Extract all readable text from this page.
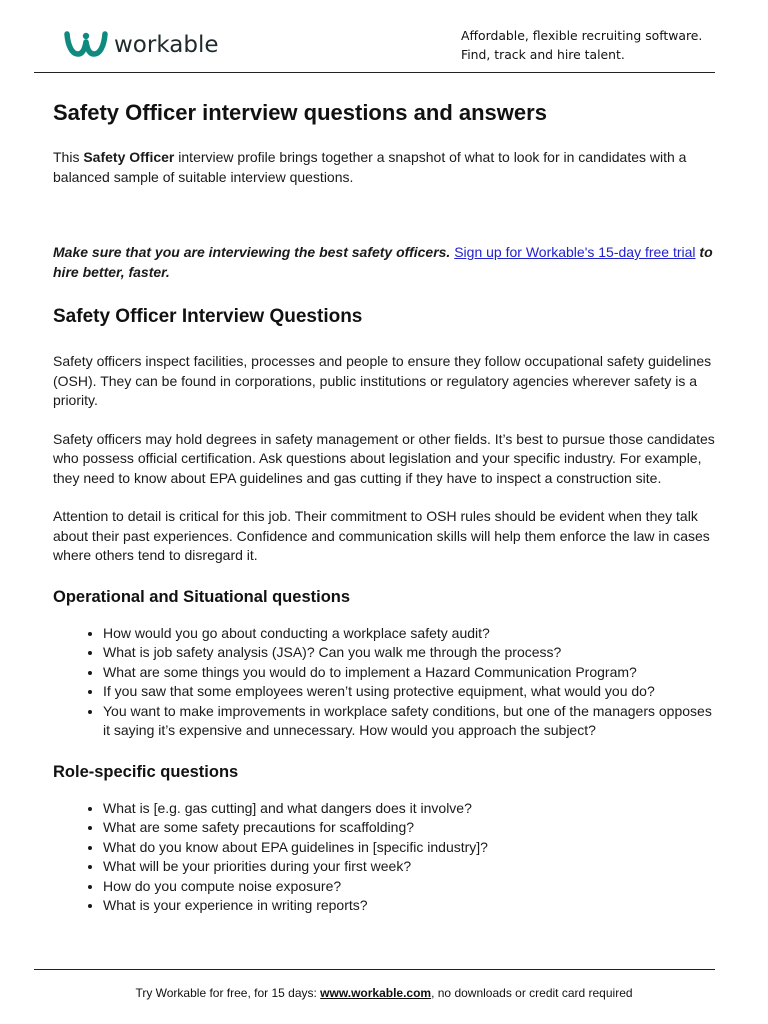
workable	Affordable, flexible recruiting software.
Find, track and hire talent.
Safety Officer interview questions and answers

This Safety Officer interview profile brings together a snapshot of what to look for in candidates with a balanced sample of suitable interview questions.

Make sure that you are interviewing the best safety officers. Sign up for Workable's 15-day free trial to hire better, faster.

Safety Officer Interview Questions

Safety officers inspect facilities, processes and people to ensure they follow occupational safety guidelines (OSH). They can be found in corporations, public institutions or regulatory agencies wherever safety is a priority.

Safety officers may hold degrees in safety management or other fields. It’s best to pursue those candidates who possess official certification. Ask questions about legislation and your specific industry. For example, they need to know about EPA guidelines and gas cutting if they have to inspect a construction site.

Attention to detail is critical for this job. Their commitment to OSH rules should be evident when they talk about their past experiences. Confidence and communication skills will help them enforce the law in cases where others tend to disregard it.

Operational and Situational questions
• How would you go about conducting a workplace safety audit?
• What is job safety analysis (JSA)? Can you walk me through the process?
• What are some things you would do to implement a Hazard Communication Program?
• If you saw that some employees weren’t using protective equipment, what would you do?
• You want to make improvements in workplace safety conditions, but one of the managers opposes it saying it’s expensive and unnecessary. How would you approach the subject?
Role-specific questions
• What is [e.g. gas cutting] and what dangers does it involve?
• What are some safety precautions for scaffolding?
• What do you know about EPA guidelines in [specific industry]?
• What will be your priorities during your first week?
• How do you compute noise exposure?
• What is your experience in writing reports?
Try Workable for free, for 15 days: www.workable.com, no downloads or credit card required
